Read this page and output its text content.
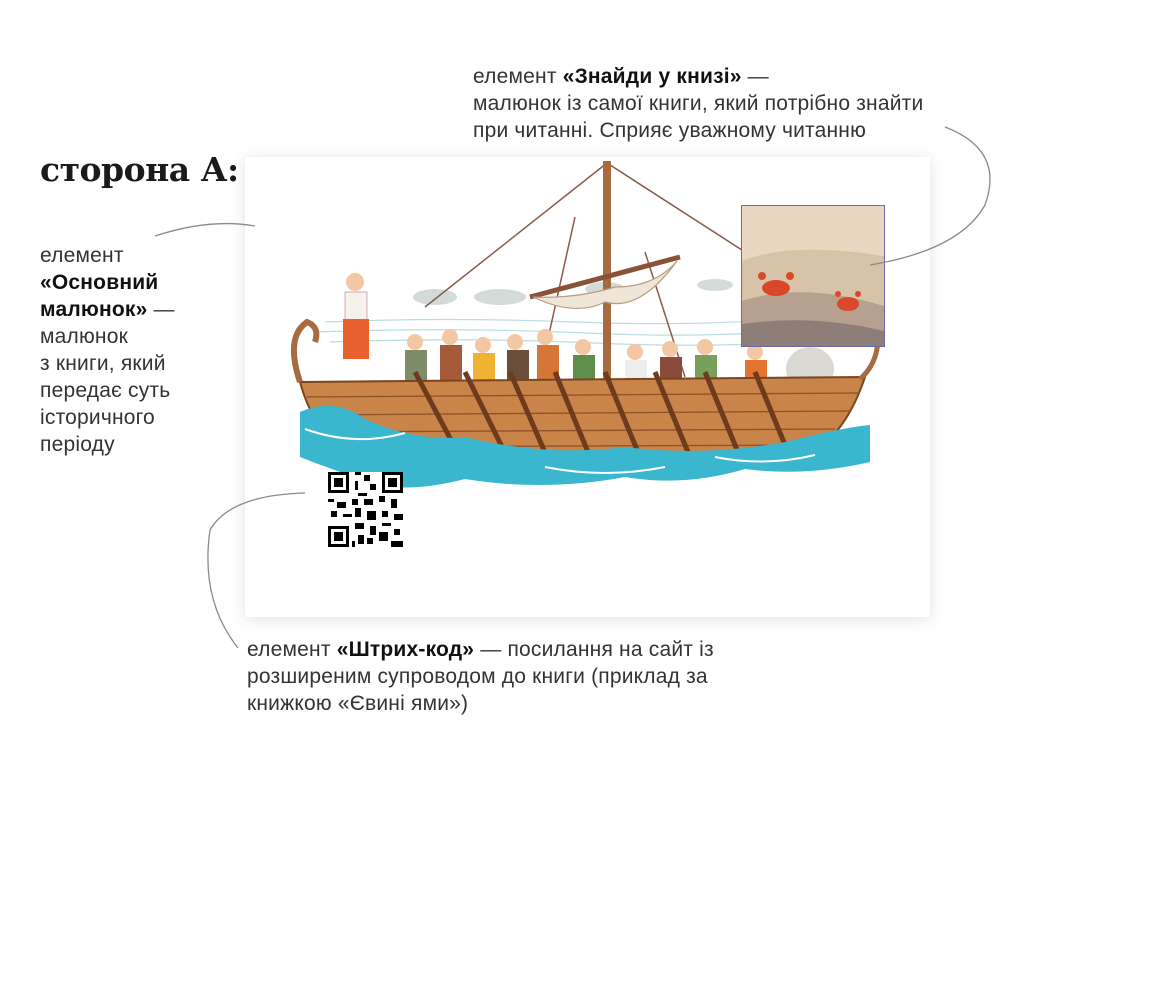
сторона А:
елемент «Знайди у книзі» —
малюнок із самої книги, який потрібно знайти
при читанні. Сприяє уважному читанню
елемент
«Основний
малюнок» —
малюнок
з книги, який
передає суть
історичного
періоду
елемент «Штрих-код» — посилання на сайт із
розширеним супроводом до книги (приклад за
книжкою «Євині ями»)
